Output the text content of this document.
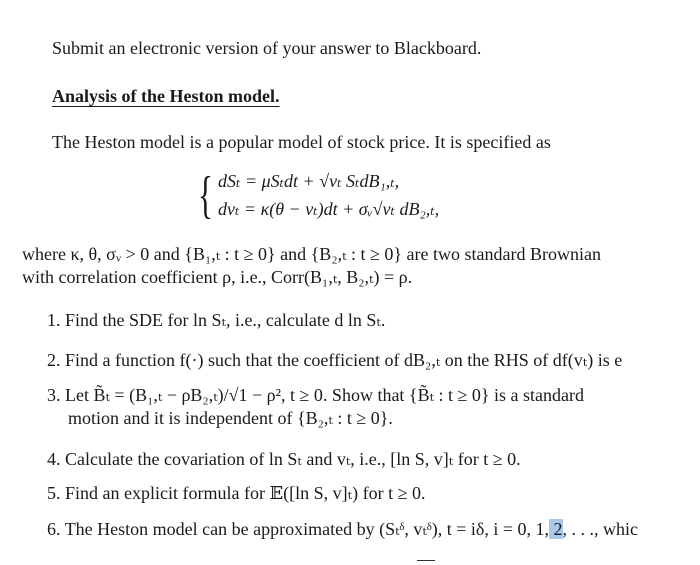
Submit an electronic version of your answer to Blackboard.
Analysis of the Heston model.
The Heston model is a popular model of stock price. It is specified as
{ dSₜ = μSₜdt + √vₜ SₜdB₁,ₜ,
dvₜ = κ(θ − vₜ)dt + σᵥ√vₜ dB₂,ₜ,
where κ, θ, σᵥ > 0 and {B₁,ₜ : t ≥ 0} and {B₂,ₜ : t ≥ 0} are two standard Brownian
with correlation coefficient ρ, i.e., Corr(B₁,ₜ, B₂,ₜ) = ρ.
1. Find the SDE for ln Sₜ, i.e., calculate d ln Sₜ.
2. Find a function f(·) such that the coefficient of dB₂,ₜ on the RHS of df(vₜ) is e
3. Let B̃ₜ = (B₁,ₜ − ρB₂,ₜ)/√1 − ρ², t ≥ 0. Show that {B̃ₜ : t ≥ 0} is a standard
motion and it is independent of {B₂,ₜ : t ≥ 0}.
4. Calculate the covariation of ln Sₜ and vₜ, i.e., [ln S, v]ₜ for t ≥ 0.
5. Find an explicit formula for 𝔼([ln S, v]ₜ) for t ≥ 0.
6. The Heston model can be approximated by (Sₜᵟ, vₜᵟ), t = iδ, i = 0, 1, 2, . . ., whic
